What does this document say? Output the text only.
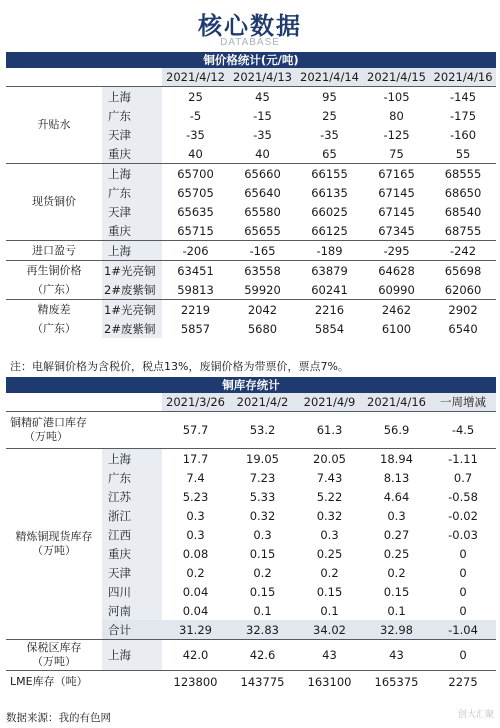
核心数据
DATABASE
铜价格统计(元/吨)						
		2021/4/12	2021/4/13	2021/4/14	2021/4/15	2021/4/16
升贴水	上海	25	45	95	-105	-145
	广东	-5	-15	25	80	-175
	天津	-35	-35	-35	-125	-160
	重庆	40	40	65	75	55
现货铜价	上海	65700	65660	66155	67165	68555
	广东	65705	65640	66135	67145	68650
	天津	65635	65580	66025	67145	68540
	重庆	65715	65655	66125	67345	68755
进口盈亏	上海	-206	-165	-189	-295	-242
再生铜价格	1#光亮铜	63451	63558	63879	64628	65698
（广东）	2#废紫铜	59813	59920	60241	60990	62060
精废差	1#光亮铜	2219	2042	2216	2462	2902
（广东）	2#废紫铜	5857	5680	5854	6100	6540
注：电解铜价格为含税价，税点13%，废铜价格为带票价，票点7%。
铜库存统计						
		2021/3/26	2021/4/2	2021/4/9	2021/4/16	一周增减

铜精矿港口库存
（万吨）		57.7	53.2	61.3	56.9	-4.5

精炼铜现货库存
（万吨）	上海	17.7	19.05	20.05	18.94	-1.11
	广东	7.4	7.23	7.43	8.13	0.7
	江苏	5.23	5.33	5.22	4.64	-0.58
	浙江	0.3	0.32	0.32	0.3	-0.02
	江西	0.3	0.3	0.3	0.27	-0.03
	重庆	0.08	0.15	0.25	0.25	0
	天津	0.2	0.2	0.2	0.2	0
	四川	0.04	0.15	0.15	0.15	0
	河南	0.04	0.1	0.1	0.1	0
	合计	31.29	32.83	34.02	32.98	-1.04

保税区库存
（万吨）	上海	42.0	42.6	43	43	0
LME库存（吨）		123800	143775	163100	165375	2275
数据来源：我的有色网	创大汇聚
